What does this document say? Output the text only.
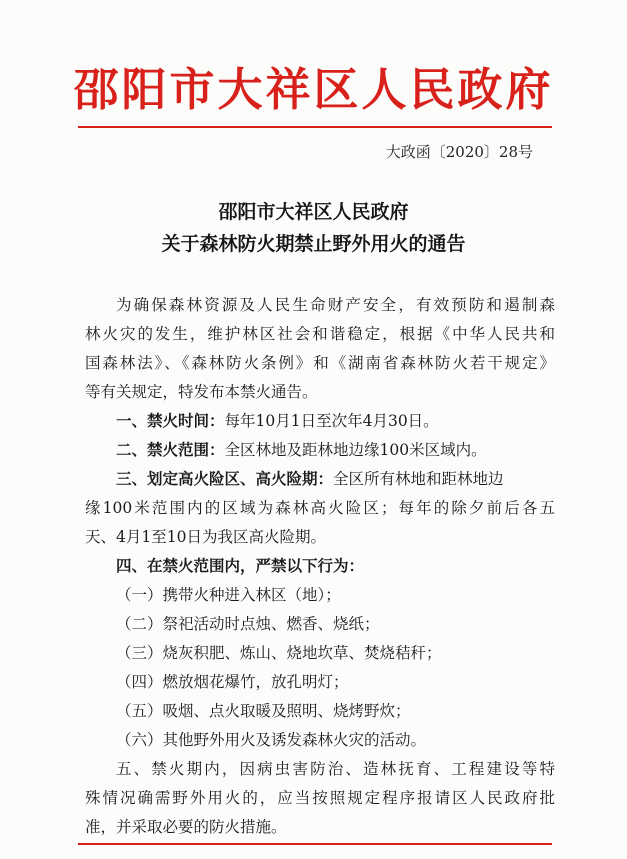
邵阳市大祥区人民政府
大政函〔2020〕28号
邵阳市大祥区人民政府
关于森林防火期禁止野外用火的通告
为确保森林资源及人民生命财产安全，有效预防和遏制森
林火灾的发生，维护林区社会和谐稳定，根据《中华人民共和
国森林法》、《森林防火条例》和《湖南省森林防火若干规定》
等有关规定，特发布本禁火通告。
一、禁火时间：每年10月1日至次年4月30日。
二、禁火范围：全区林地及距林地边缘100米区域内。
三、划定高火险区、高火险期：全区所有林地和距林地边
缘100米范围内的区域为森林高火险区；每年的除夕前后各五
天、4月1至10日为我区高火险期。
四、在禁火范围内，严禁以下行为：
（一）携带火种进入林区（地）；
（二）祭祀活动时点烛、燃香、烧纸；
（三）烧灰积肥、炼山、烧地坎草、焚烧秸秆；
（四）燃放烟花爆竹，放孔明灯；
（五）吸烟、点火取暖及照明、烧烤野炊；
（六）其他野外用火及诱发森林火灾的活动。
五、禁火期内，因病虫害防治、造林抚育、工程建设等特
殊情况确需野外用火的，应当按照规定程序报请区人民政府批
准，并采取必要的防火措施。
